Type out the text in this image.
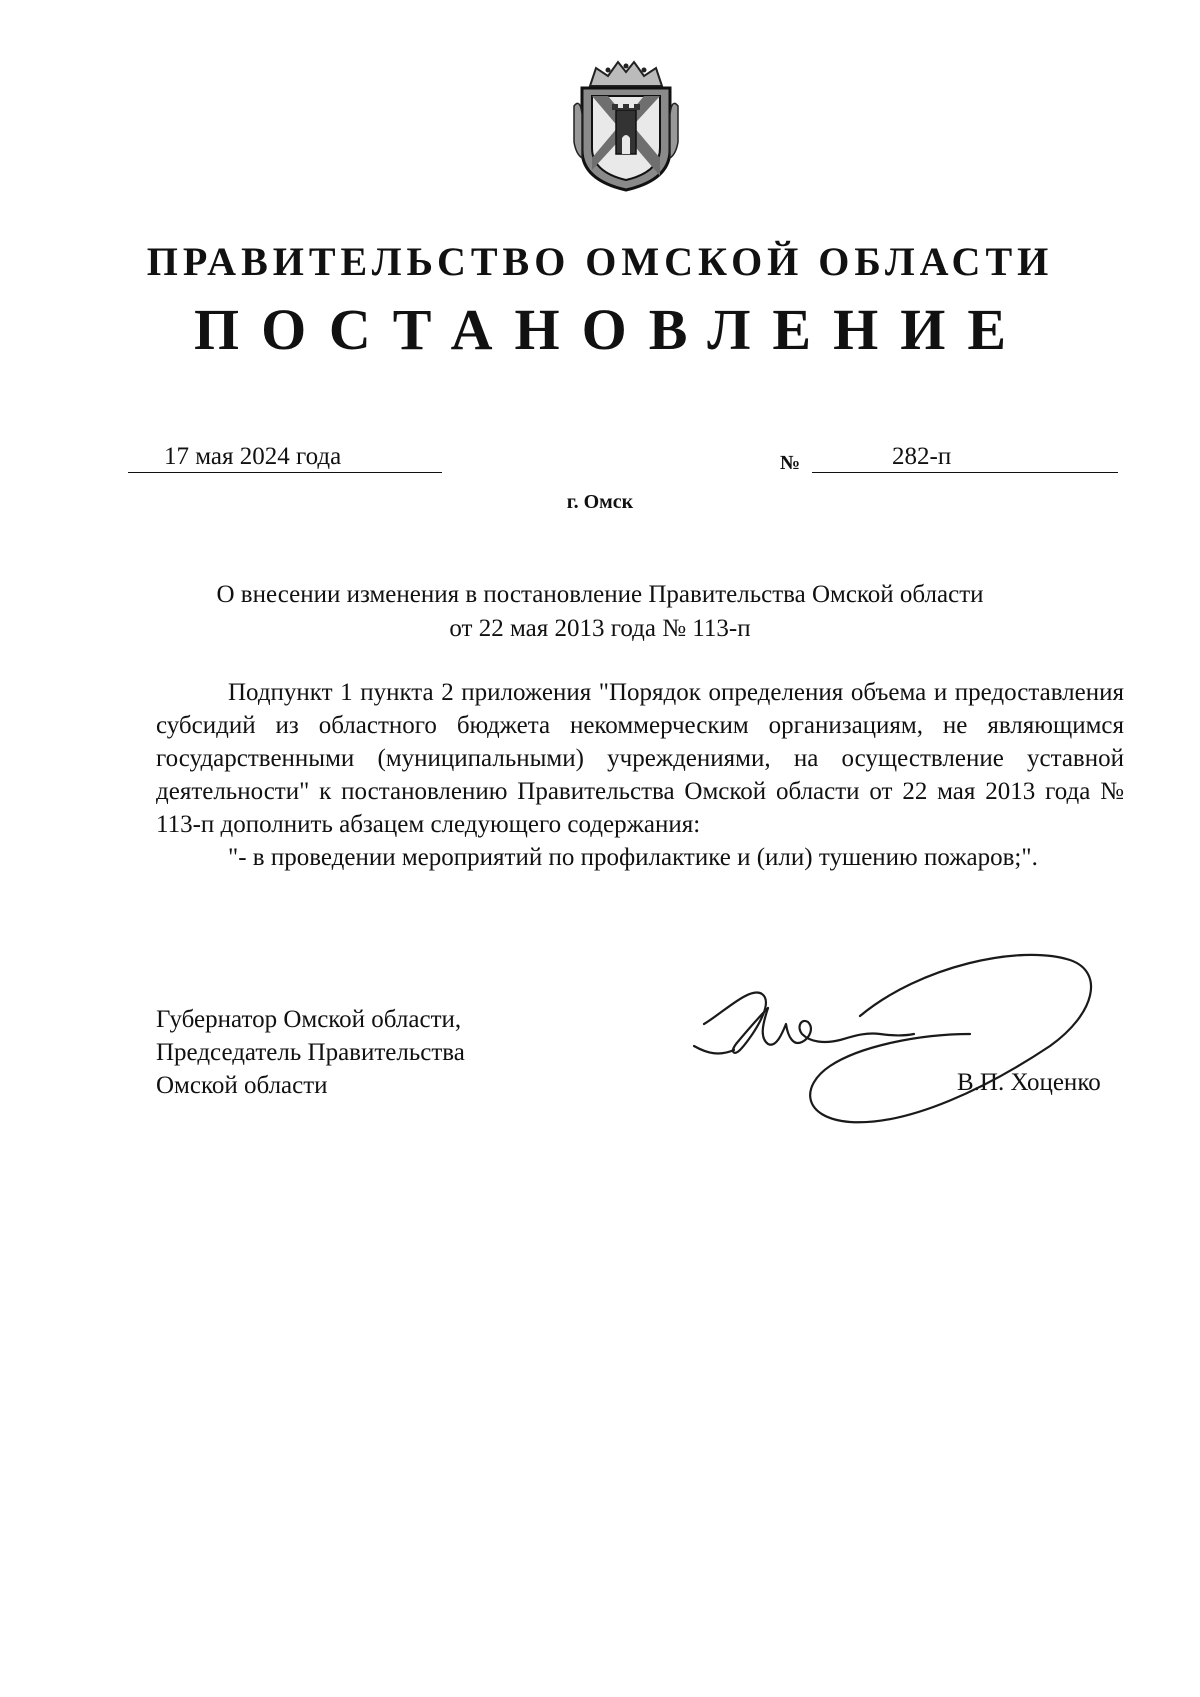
ПРАВИТЕЛЬСТВО ОМСКОЙ ОБЛАСТИ
ПОСТАНОВЛЕНИЕ
17 мая 2024 года	№	282-п
г. Омск
О внесении изменения в постановление Правительства Омской области
от 22 мая 2013 года № 113-п

Подпункт 1 пункта 2 приложения "Порядок определения объема и предоставления субсидий из областного бюджета некоммерческим организациям, не являющимся государственными (муниципальными) учреждениями, на осуществление уставной деятельности" к постановлению Правительства Омской области от 22 мая 2013 года № 113-п дополнить абзацем следующего содержания:

"- в проведении мероприятий по профилактике и (или) тушению пожаров;".

Губернатор Омской области,
Председатель Правительства
Омской области	В.П. Хоценко
